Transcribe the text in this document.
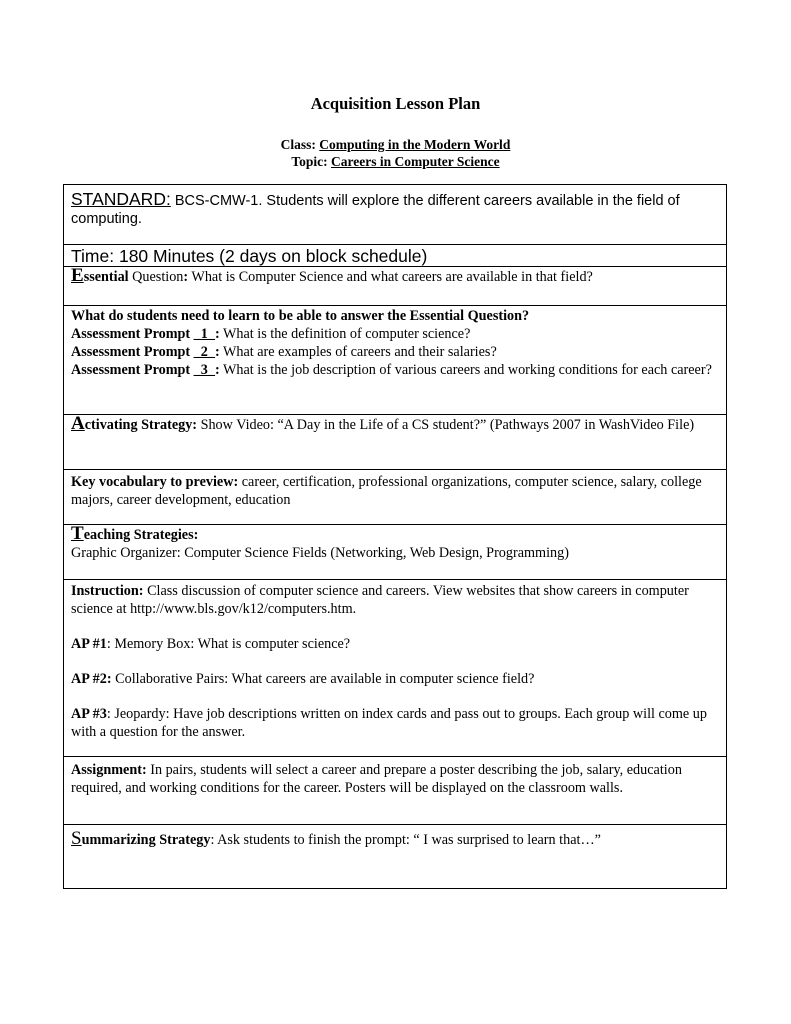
Acquisition Lesson Plan
Class: Computing in the Modern World
Topic: Careers in Computer Science
STANDARD: BCS-CMW-1. Students will explore the different careers available in the field of computing.
Time: 180 Minutes (2 days on block schedule)
Essential Question: What is Computer Science and what careers are available in that field?

What do students need to learn to be able to answer the Essential Question?

Assessment Prompt _1_: What is the definition of computer science?

Assessment Prompt _2_: What are examples of careers and their salaries?

Assessment Prompt _3_: What is the job description of various careers and working conditions for each career?

Activating Strategy: Show Video: “A Day in the Life of a CS student?” (Pathways 2007 in WashVideo File)
Key vocabulary to preview: career, certification, professional organizations, computer science, salary, college majors, career development, education

Teaching Strategies:

Graphic Organizer: Computer Science Fields (Networking, Web Design, Programming)

Instruction: Class discussion of computer science and careers. View websites that show careers in computer science at http://www.bls.gov/k12/computers.htm.

AP #1: Memory Box: What is computer science?

AP #2: Collaborative Pairs: What careers are available in computer science field?

AP #3: Jeopardy: Have job descriptions written on index cards and pass out to groups. Each group will come up with a question for the answer.

Assignment: In pairs, students will select a career and prepare a poster describing the job, salary, education required, and working conditions for the career. Posters will be displayed on the classroom walls.
Summarizing Strategy: Ask students to finish the prompt: “ I was surprised to learn that…”
